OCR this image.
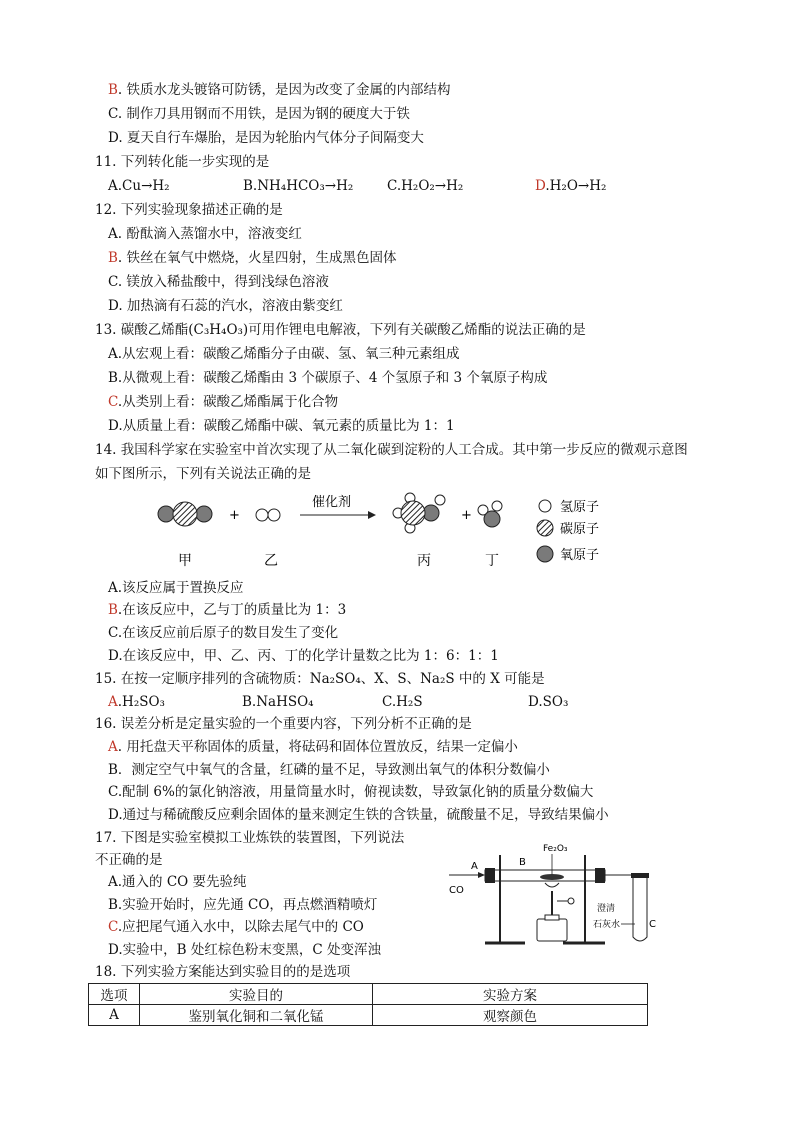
B. 铁质水龙头镀铬可防锈，是因为改变了金属的内部结构
C. 制作刀具用钢而不用铁，是因为钢的硬度大于铁
D. 夏天自行车爆胎，是因为轮胎内气体分子间隔变大
11. 下列转化能一步实现的是
A.Cu→H₂	B.NH₄HCO₃→H₂ C.H₂O₂→H₂	D.H₂O→H₂
12. 下列实验现象描述正确的是
A. 酚酞滴入蒸馏水中，溶液变红
B. 铁丝在氧气中燃烧，火星四射，生成黑色固体
C. 镁放入稀盐酸中，得到浅绿色溶液
D. 加热滴有石蕊的汽水，溶液由紫变红
13. 碳酸乙烯酯(C₃H₄O₃)可用作锂电电解液，下列有关碳酸乙烯酯的说法正确的是
A.从宏观上看：碳酸乙烯酯分子由碳、氢、氧三种元素组成
B.从微观上看：碳酸乙烯酯由 3 个碳原子、4 个氢原子和 3 个氧原子构成
C.从类别上看：碳酸乙烯酯属于化合物
D.从质量上看：碳酸乙烯酯中碳、氧元素的质量比为 1：1
14. 我国科学家在实验室中首次实现了从二氧化碳到淀粉的人工合成。其中第一步反应的微观示意图
如下图所示，下列有关说法正确的是
+
催化剂
+
甲	乙	丙	丁
氢原子
碳原子
氧原子
A.该反应属于置换反应
B.在该反应中，乙与丁的质量比为 1：3
C.在该反应前后原子的数目发生了变化
D.在该反应中，甲、乙、丙、丁的化学计量数之比为 1：6：1：1
15. 在按一定顺序排列的含硫物质：Na₂SO₄、X、S、Na₂S 中的 X 可能是
A.H₂SO₃	B.NaHSO₄	C.H₂S	D.SO₃
16. 误差分析是定量实验的一个重要内容，下列分析不正确的是
A. 用托盘天平称固体的质量，将砝码和固体位置放反，结果一定偏小
B．测定空气中氧气的含量，红磷的量不足，导致测出氧气的体积分数偏小
C.配制 6%的氯化钠溶液，用量筒量水时，俯视读数，导致氯化钠的质量分数偏大
D.通过与稀硫酸反应剩余固体的量来测定生铁的含铁量，硫酸量不足，导致结果偏小
17. 下图是实验室模拟工业炼铁的装置图，下列说法
不正确的是
A.通入的 CO 要先验纯
B.实验开始时，应先通 CO，再点燃酒精喷灯
C.应把尾气通入水中，以除去尾气中的 CO
D.实验中，B 处红棕色粉末变黑，C 处变浑浊
CO
A	B
Fe₂O₃
澄清
石灰水	C
18. 下列实验方案能达到实验目的的是选项
选项	实验目的	实验方案
A	鉴别氧化铜和二氧化锰	观察颜色
